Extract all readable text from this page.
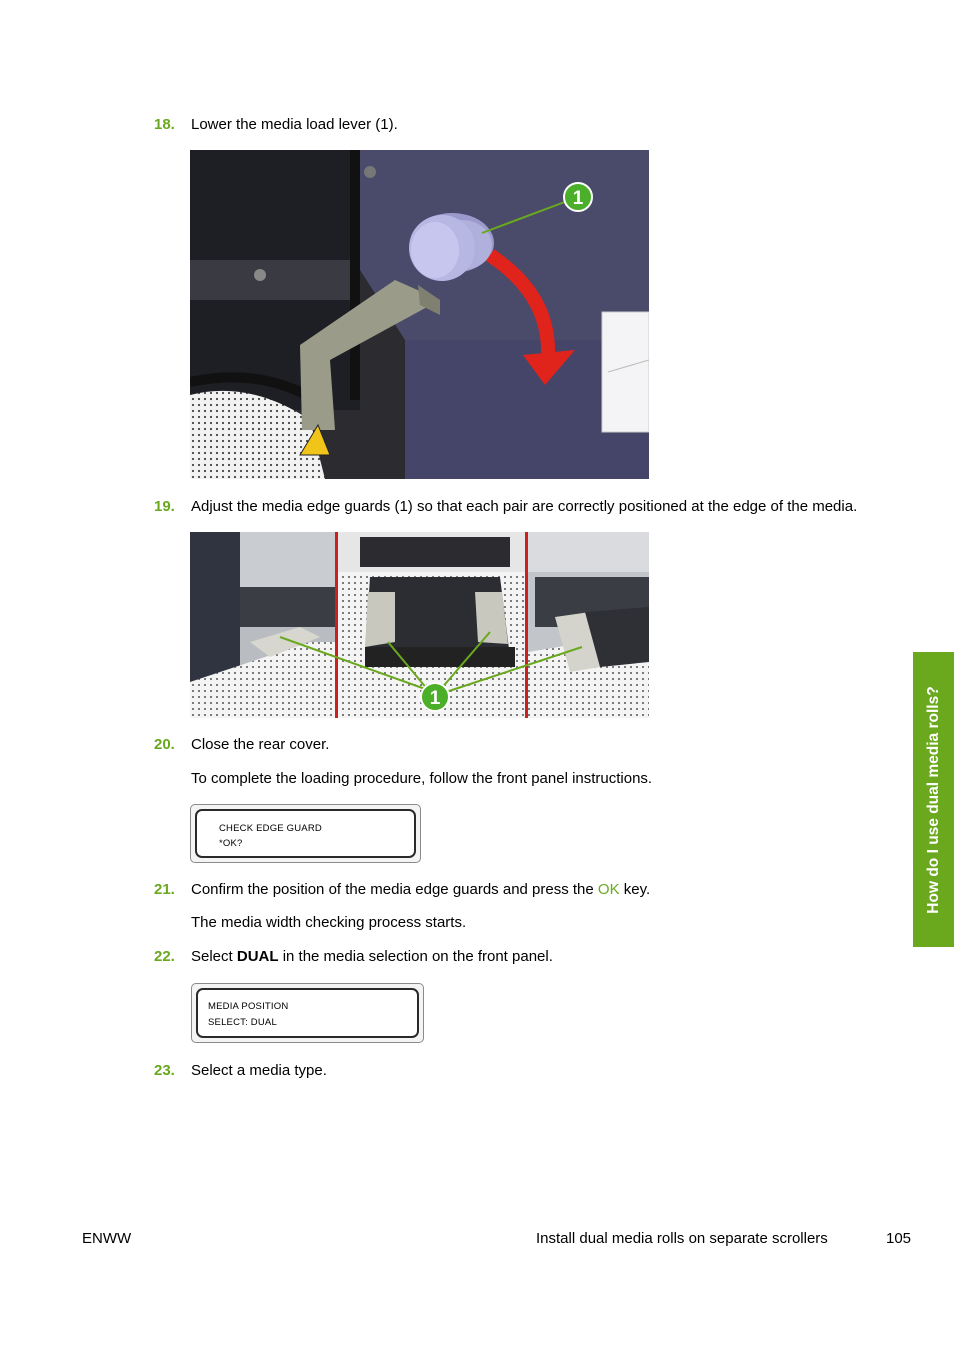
18.	Lower the media load lever (1).
1
19.	Adjust the media edge guards (1) so that each pair are correctly positioned at the edge of the media.
1
20.	Close the rear cover.
To complete the loading procedure, follow the front panel instructions.
CHECK EDGE GUARD
*OK?
21.	Confirm the position of the media edge guards and press the OK key.
The media width checking process starts.
22.	Select DUAL in the media selection on the front panel.
MEDIA POSITION
SELECT: DUAL
23.	Select a media type.
How do I use dual media rolls?
ENWW	Install dual media rolls on separate scrollers	105
